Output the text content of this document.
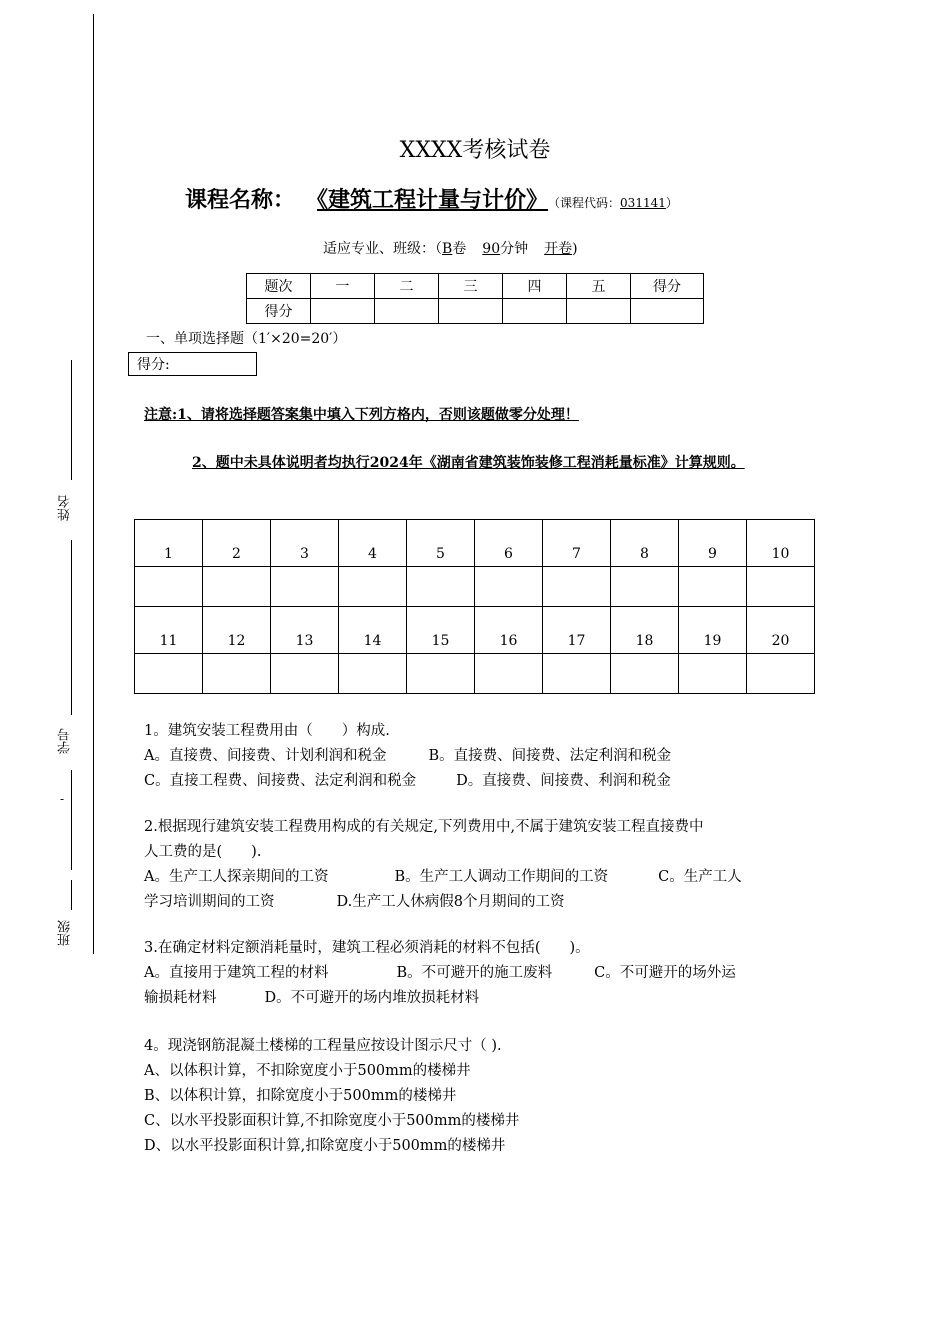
姓名
学号
-
班级
XXXX考核试卷
课程名称： 《建筑工程计量与计价》 （课程代码：031141）
适应专业、班级：（B卷 90分钟 开卷)
题次	一	二	三	四	五	得分
得分						
一、单项选择题（1′×20=20′）
得分:
注意:1、请将选择题答案集中填入下列方格内，否则该题做零分处理！
2、题中未具体说明者均执行2024年《湖南省建筑装饰装修工程消耗量标准》计算规则。
1	2	3	4	5	6	7	8	9	10

11	12	13	14	15	16	17	18	19	20

1。建筑安装工程费用由（　　）构成.
A。直接费、间接费、计划利润和税金	B。直接费、间接费、法定利润和税金
C。直接工程费、间接费、法定利润和税金	D。直接费、间接费、利润和税金
2.根据现行建筑安装工程费用构成的有关规定,下列费用中,不属于建筑安装工程直接费中
人工费的是(　　).
A。生产工人探亲期间的工资	B。生产工人调动工作期间的工资	C。生产工人
学习培训期间的工资	D.生产工人休病假8个月期间的工资
3.在确定材料定额消耗量时，建筑工程必须消耗的材料不包括(　　)。
A。直接用于建筑工程的材料	B。不可避开的施工废料	C。不可避开的场外运
输损耗材料	D。不可避开的场内堆放损耗材料
4。现浇钢筋混凝土楼梯的工程量应按设计图示尺寸（ ).
A、以体积计算，不扣除宽度小于500mm的楼梯井
B、以体积计算，扣除宽度小于500mm的楼梯井
C、以水平投影面积计算,不扣除宽度小于500mm的楼梯井
D、以水平投影面积计算,扣除宽度小于500mm的楼梯井
